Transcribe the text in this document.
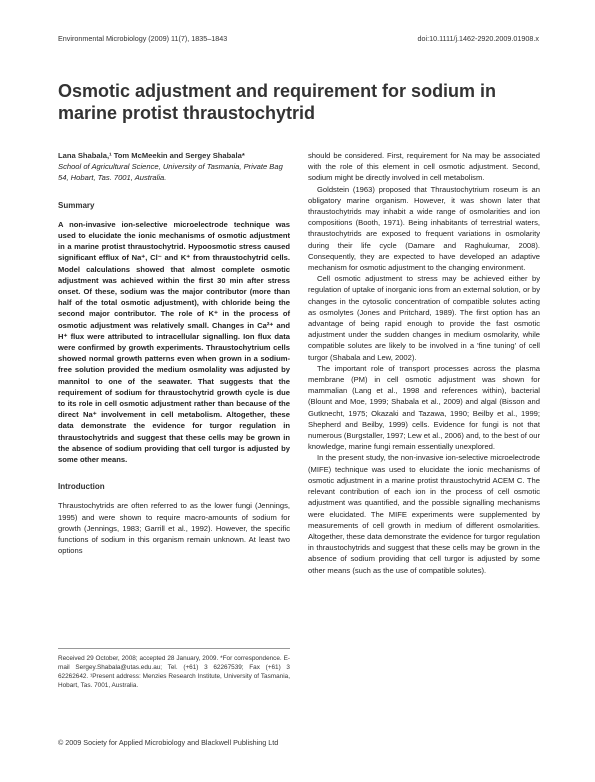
Environmental Microbiology (2009) 11(7), 1835–1843	doi:10.1111/j.1462-2920.2009.01908.x
Osmotic adjustment and requirement for sodium in marine protist thraustochytrid
Lana Shabala,¹ Tom McMeekin and Sergey Shabala*

School of Agricultural Science, University of Tasmania, Private Bag 54, Hobart, Tas. 7001, Australia.

Summary

A non-invasive ion-selective microelectrode technique was used to elucidate the ionic mechanisms of osmotic adjustment in a marine protist thraustochytrid. Hypoosmotic stress caused significant efflux of Na⁺, Cl⁻ and K⁺ from thraustochytrid cells. Model calculations showed that almost complete osmotic adjustment was achieved within the first 30 min after stress onset. Of these, sodium was the major contributor (more than half of the total osmotic adjustment), with chloride being the second major contributor. The role of K⁺ in the process of osmotic adjustment was relatively small. Changes in Ca²⁺ and H⁺ flux were attributed to intracellular signalling. Ion flux data were confirmed by growth experiments. Thraustochytrium cells showed normal growth patterns even when grown in a sodium-free solution provided the medium osmolality was adjusted by mannitol to one of the seawater. That suggests that the requirement of sodium for thraustochytrid growth cycle is due to its role in cell osmotic adjustment rather than because of the direct Na⁺ involvement in cell metabolism. Altogether, these data demonstrate the evidence for turgor regulation in thraustochytrids and suggest that these cells may be grown in the absence of sodium providing that cell turgor is adjusted by some other means.

Introduction

Thraustochytrids are often referred to as the lower fungi (Jennings, 1995) and were shown to require macro-amounts of sodium for growth (Jennings, 1983; Garrill et al., 1992). However, the specific functions of sodium in this organism remain unknown. At least two options

should be considered. First, requirement for Na may be associated with the role of this element in cell osmotic adjustment. Second, sodium might be directly involved in cell metabolism.

Goldstein (1963) proposed that Thraustochytrium roseum is an obligatory marine organism. However, it was shown later that thraustochytrids may inhabit a wide range of osmolarities and ion compositions (Booth, 1971). Being inhabitants of terrestrial waters, thraustochytrids are exposed to frequent variations in osmolarity during their life cycle (Damare and Raghukumar, 2008). Consequently, they are expected to have developed an adaptive mechanism for osmotic adjustment to the changing environment.

Cell osmotic adjustment to stress may be achieved either by regulation of uptake of inorganic ions from an external solution, or by changes in the cytosolic concentration of compatible solutes acting as osmolytes (Jones and Pritchard, 1989). The first option has an advantage of being rapid enough to provide the fast osmotic adjustment under the sudden changes in medium osmolarity, while compatible solutes are likely to be involved in a 'fine tuning' of cell turgor (Shabala and Lew, 2002).

The important role of transport processes across the plasma membrane (PM) in cell osmotic adjustment was shown for mammalian (Lang et al., 1998 and references within), bacterial (Blount and Moe, 1999; Shabala et al., 2009) and algal (Bisson and Gutknecht, 1975; Okazaki and Tazawa, 1990; Beilby et al., 1999; Shepherd and Beilby, 1999) cells. Evidence for fungi is not that numerous (Burgstaller, 1997; Lew et al., 2006) and, to the best of our knowledge, marine fungi remain essentially unexplored.

In the present study, the non-invasive ion-selective microelectrode (MIFE) technique was used to elucidate the ionic mechanisms of osmotic adjustment in a marine protist thraustochytrid ACEM C. The relevant contribution of each ion in the process of cell osmotic adjustment was quantified, and the possible signalling mechanisms were elucidated. The MIFE experiments were supplemented by measurements of cell growth in medium of different osmolarities. Altogether, these data demonstrate the evidence for turgor regulation in thraustochytrids and suggest that these cells may be grown in the absence of sodium providing that cell turgor is adjusted by some other means (such as the use of compatible solutes).

Received 29 October, 2008; accepted 28 January, 2009. *For correspondence. E-mail Sergey.Shabala@utas.edu.au; Tel. (+61) 3 62267539; Fax (+61) 3 62262642. ¹Present address: Menzies Research Institute, University of Tasmania, Hobart, Tas. 7001, Australia.
© 2009 Society for Applied Microbiology and Blackwell Publishing Ltd
